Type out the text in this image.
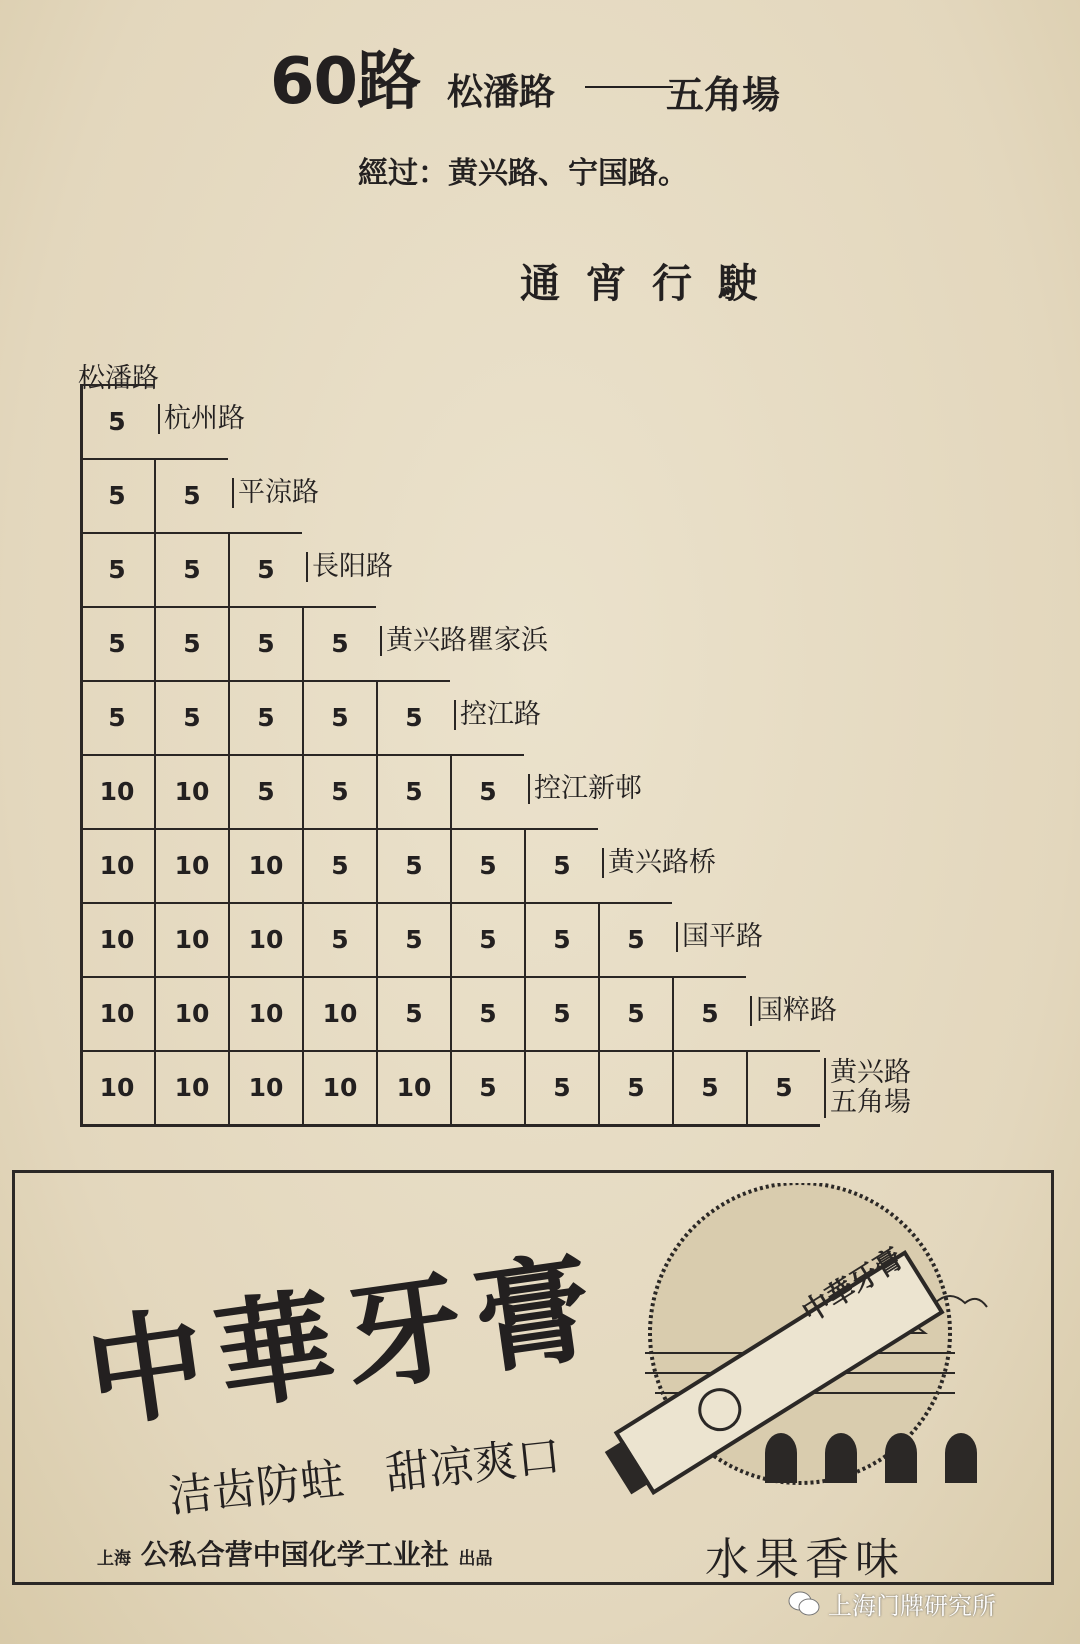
60路 松潘路	五角場
經过：黄兴路、宁国路。
通宵行駛
松潘路
5	杭州路
5	5	平涼路
5	5	5	長阳路
5	5	5	5	黄兴路瞿家浜
5	5	5	5	5	控江路
10	10	5	5	5	5	控江新邨
10	10	10	5	5	5	5	黄兴路桥
10	10	10	5	5	5	5	5	国平路
10	10	10	10	5	5	5	5	5	国粹路
10	10	10	10	10	5	5	5	5	5	黄兴路
五角場
中華牙膏
洁齿防蛀 甜凉爽口
上海 公私合营中国化学工业社 出品
中華牙膏
水果香味
上海门牌研究所
